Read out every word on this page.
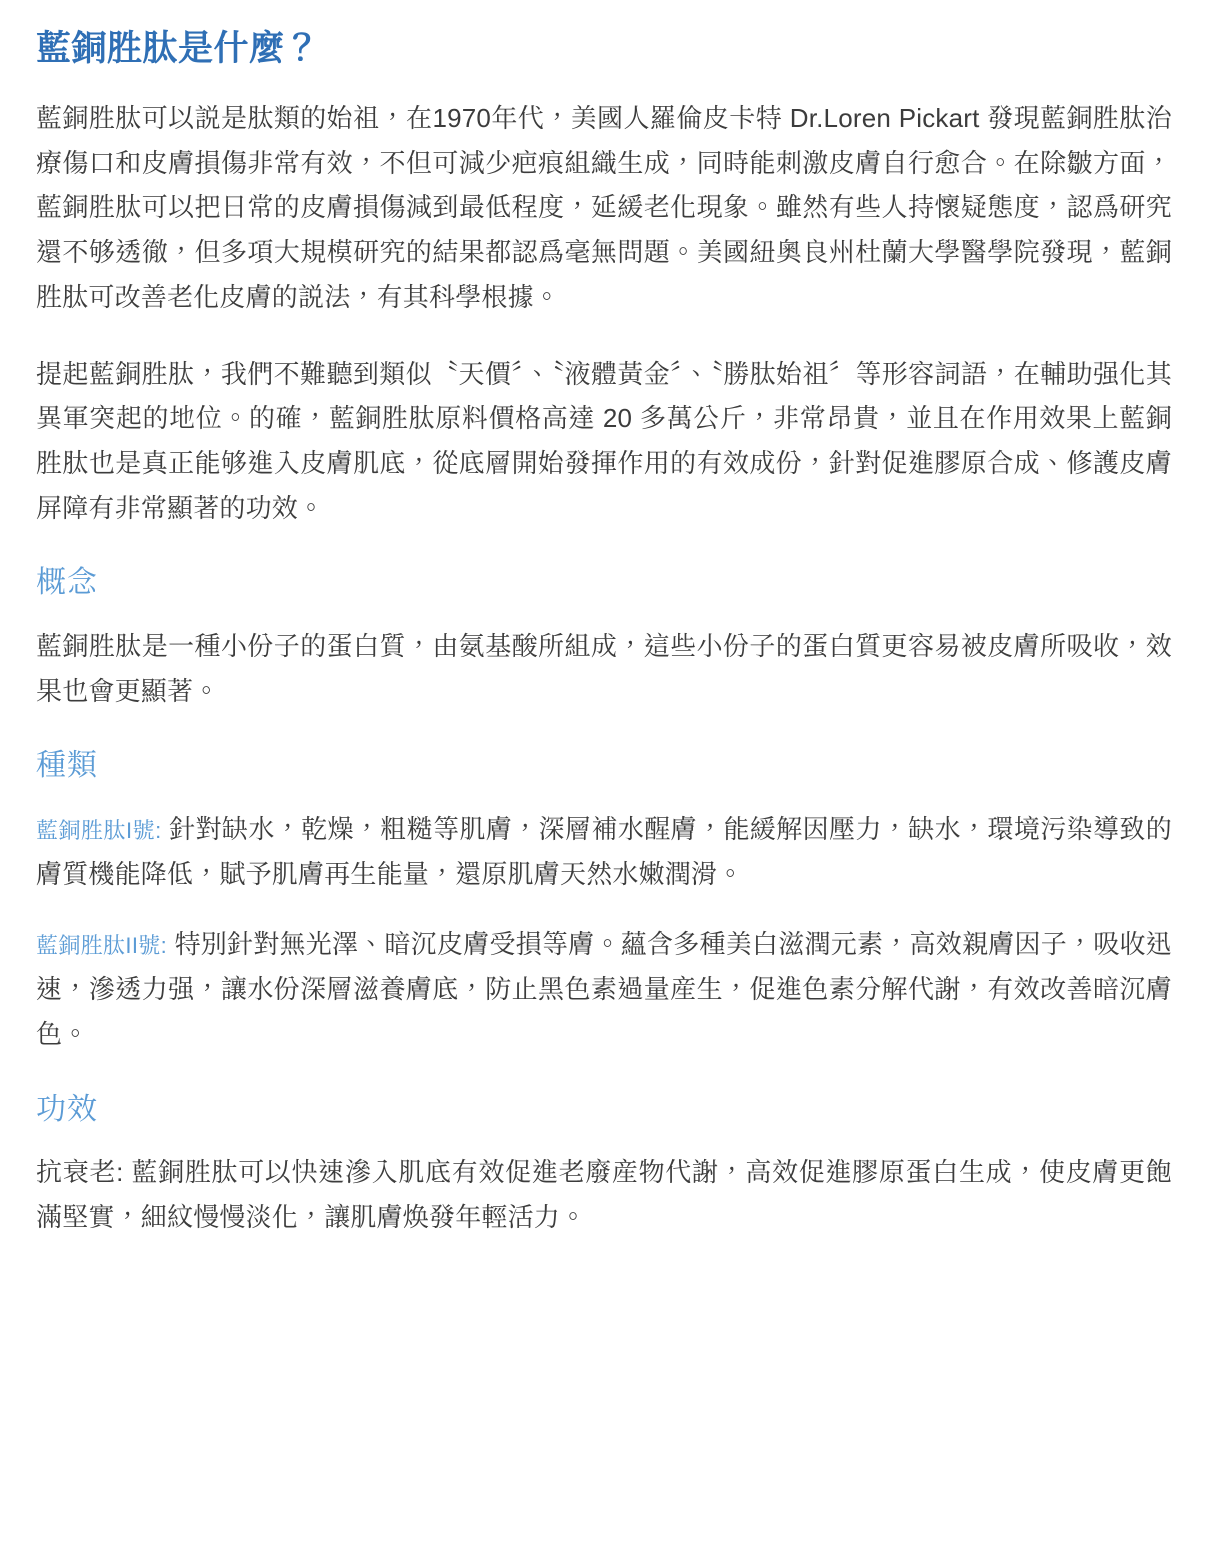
藍銅胜肽是什麼？

藍銅胜肽可以説是肽類的始祖，在1970年代，美國人羅倫皮卡特 Dr.Loren Pickart 發現藍銅胜肽治療傷口和皮膚損傷非常有效，不但可減少疤痕組織生成，同時能刺激皮膚自行愈合。在除皺方面，藍銅胜肽可以把日常的皮膚損傷減到最低程度，延緩老化現象。雖然有些人持懷疑態度，認爲研究還不够透徹，但多項大規模研究的結果都認爲毫無問題。美國紐奧良州杜蘭大學醫學院發現，藍銅胜肽可改善老化皮膚的説法，有其科學根據。

提起藍銅胜肽，我們不難聽到類似〝天價〞、〝液體黃金〞、〝勝肽始祖〞等形容詞語，在輔助强化其異軍突起的地位。的確，藍銅胜肽原料價格高達 20 多萬公斤，非常昂貴，並且在作用效果上藍銅胜肽也是真正能够進入皮膚肌底，從底層開始發揮作用的有效成份，針對促進膠原合成、修護皮膚屏障有非常顯著的功效。

概念

藍銅胜肽是一種小份子的蛋白質，由氨基酸所組成，這些小份子的蛋白質更容易被皮膚所吸收，效果也會更顯著。

種類

藍銅胜肽I號: 針對缺水，乾燥，粗糙等肌膚，深層補水醒膚，能緩解因壓力，缺水，環境污染導致的膚質機能降低，賦予肌膚再生能量，還原肌膚天然水嫩潤滑。

藍銅胜肽II號: 特別針對無光澤、暗沉皮膚受損等膚。蘊含多種美白滋潤元素，高效親膚因子，吸收迅速，滲透力强，讓水份深層滋養膚底，防止黑色素過量産生，促進色素分解代謝，有效改善暗沉膚色。

功效

抗衰老: 藍銅胜肽可以快速滲入肌底有效促進老廢産物代謝，高效促進膠原蛋白生成，使皮膚更飽滿堅實，細紋慢慢淡化，讓肌膚焕發年輕活力。
